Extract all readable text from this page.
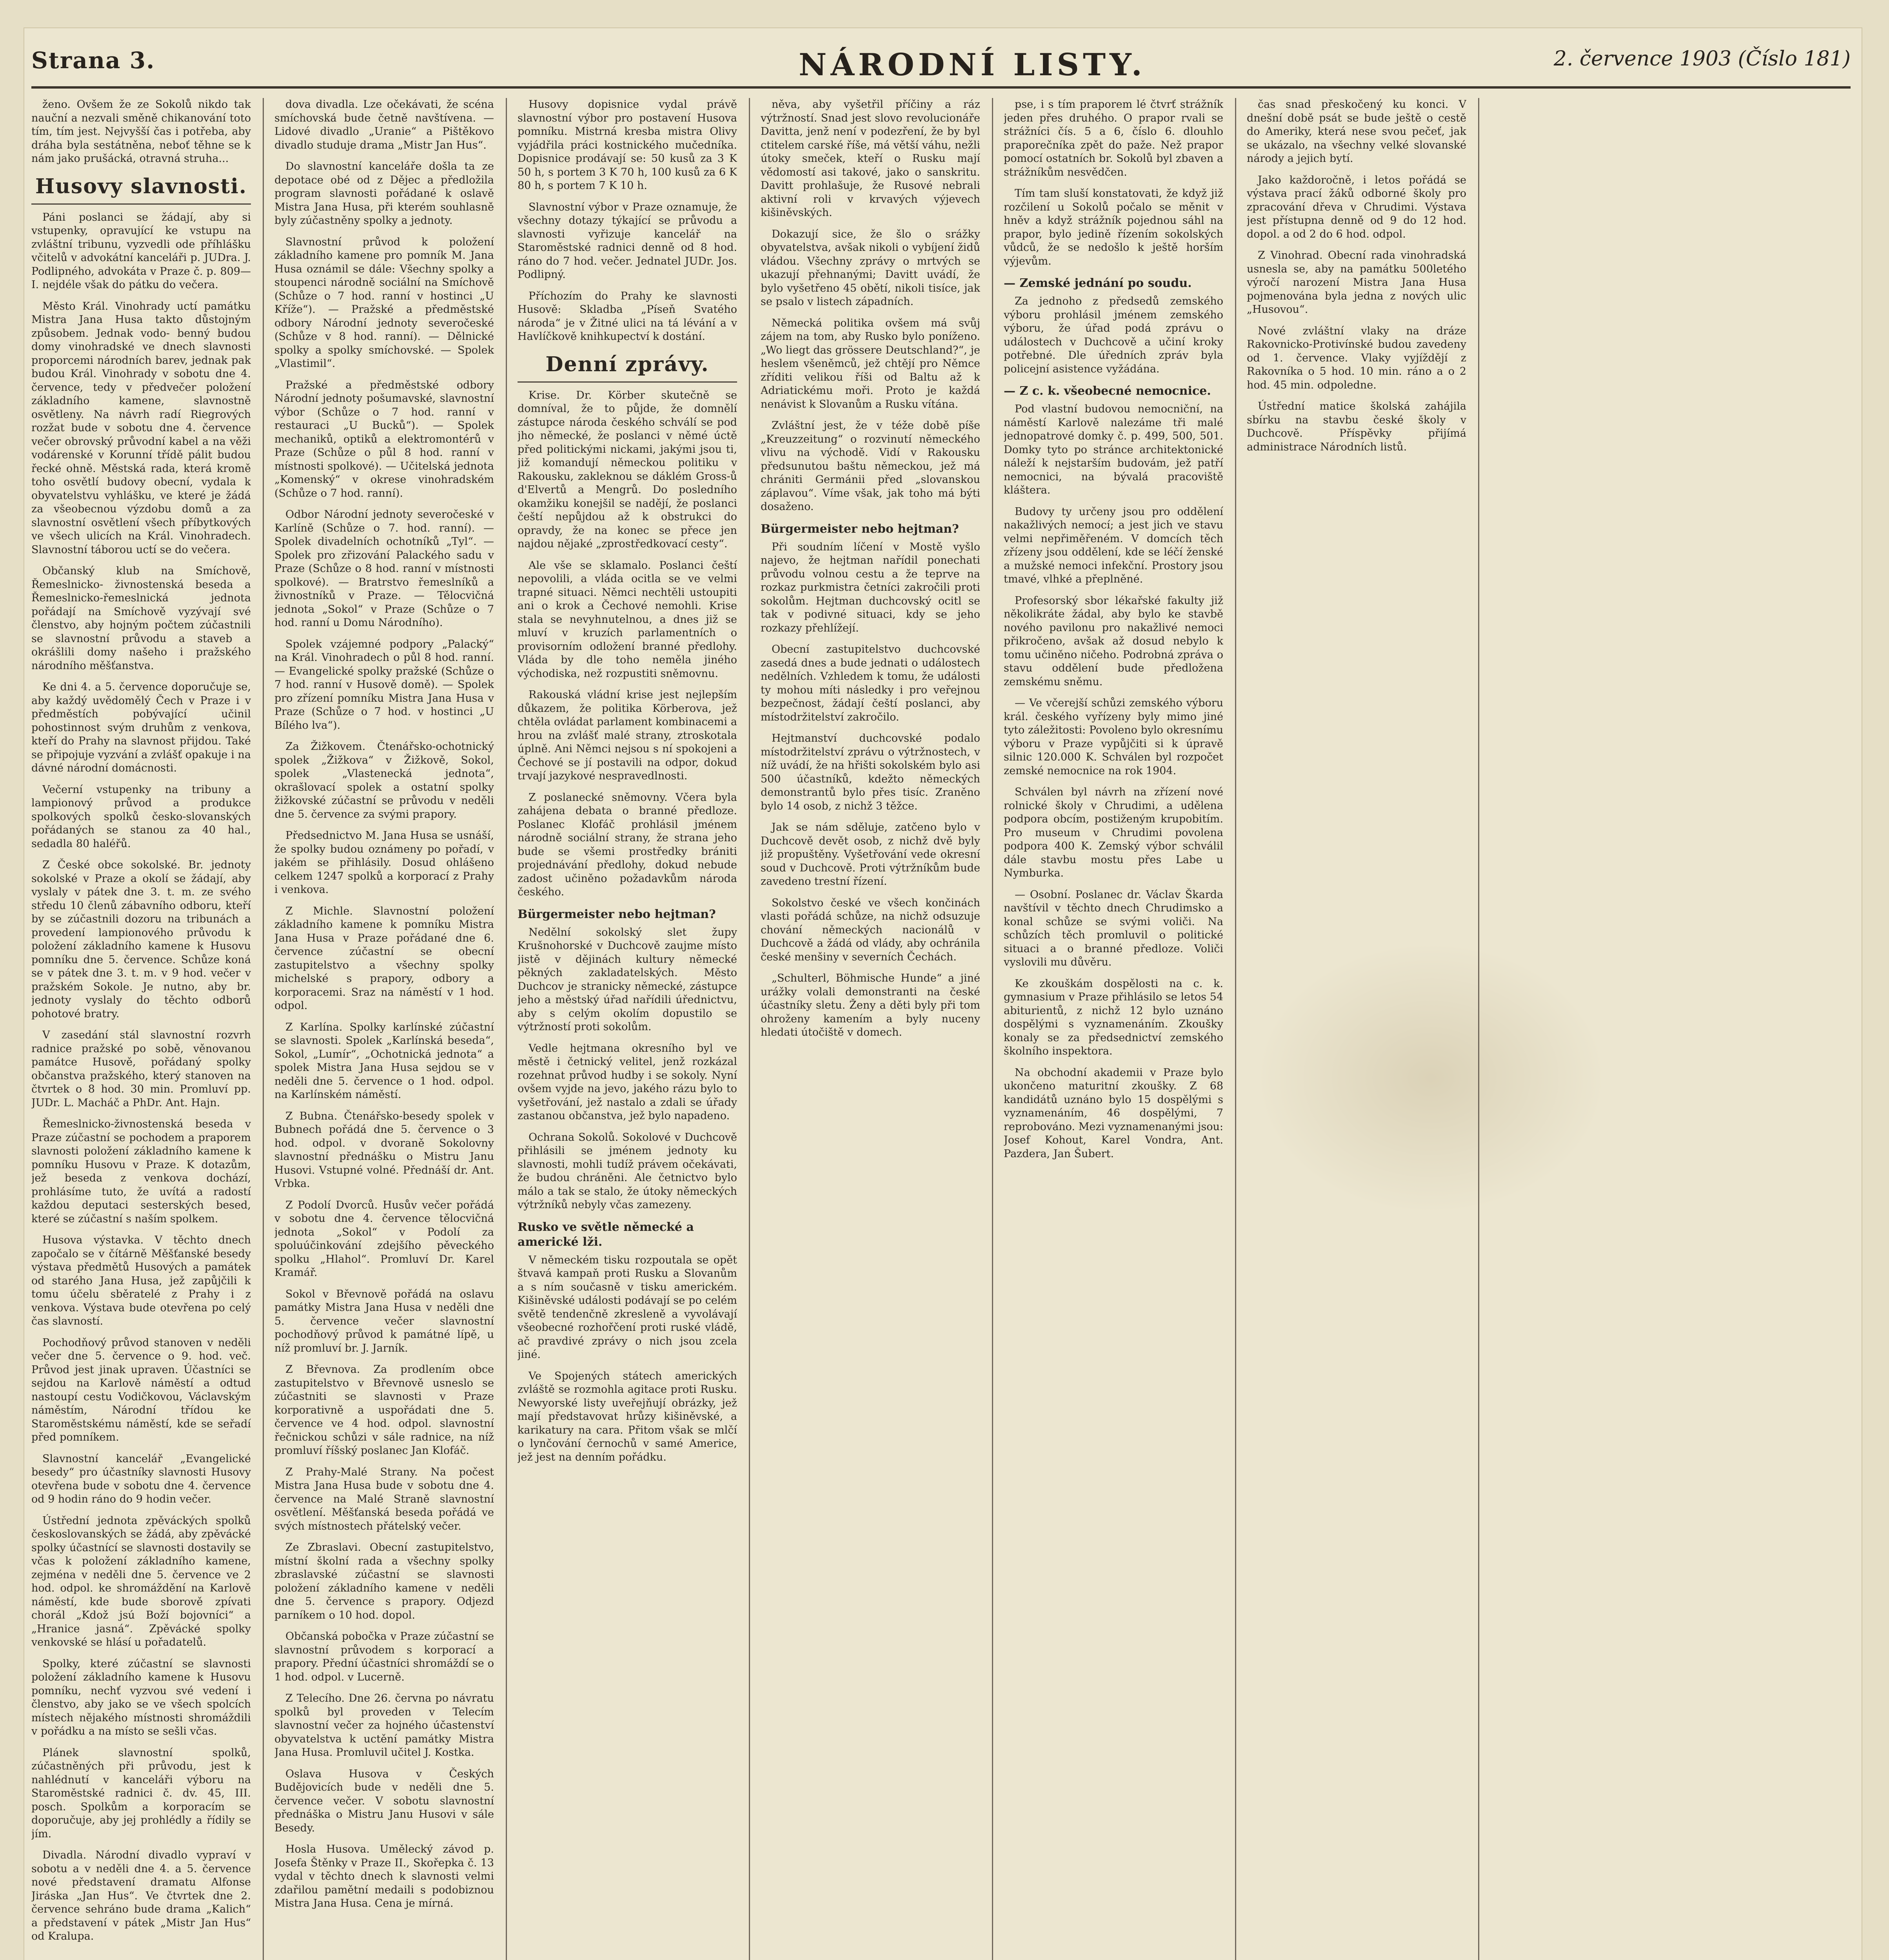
Strana 3.	NÁRODNÍ LISTY.	2. července 1903 (Číslo 181)

ženo. Ovšem že ze Sokolů nikdo tak nauční a nezvali směně chikanování toto tím, tím jest. Nejvyšší čas i potřeba, aby dráha byla sestátněna, neboť těhne se k nám jako prušácká, otravná struha...

Husovy slavnosti.

Páni poslanci se žádají, aby si vstupenky, opravující ke vstupu na zvláštní tribunu, vyzvedli ode příhlášku včitelů v advokátní kanceláři p. JUDra. J. Podlipného, advokáta v Praze č. p. 809—I. nejdéle však do pátku do večera.

Město Král. Vinohrady uctí památku Mistra Jana Husa takto důstojným způsobem. Jednak vodo- benný budou domy vinohradské ve dnech slavnosti proporcemi národních barev, jednak pak budou Král. Vinohrady v sobotu dne 4. července, tedy v předvečer položení základního kamene, slavnostně osvětleny. Na návrh radí Riegrových rozžat bude v sobotu dne 4. července večer obrovský průvodní kabel a na věži vodárenské v Korunní třídě pálit budou řecké ohně. Městská rada, která kromě toho osvětlí budovy obecní, vydala k obyvatelstvu vyhlášku, ve které je žádá za všeobecnou výzdobu domů a za slavnostní osvětlení všech příbytkových ve všech ulicích na Král. Vinohradech. Slavnostní táborou uctí se do večera.

Občanský klub na Smíchově, Řemeslnicko- živnostenská beseda a Řemeslnicko-řemeslnická jednota pořádají na Smíchově vyzývají své členstvo, aby hojným počtem zúčastnili se slavnostní průvodu a staveb a okrášlili domy našeho i pražského národního měšťanstva.

Ke dni 4. a 5. července doporučuje se, aby každý uvědomělý Čech v Praze i v předměstích pobývající učinil pohostinnost svým druhům z venkova, kteří do Prahy na slavnost přijdou. Také se připojuje vyzvání a zvlášť opakuje i na dávné národní domácnosti.

Večerní vstupenky na tribuny a lampionový průvod a produkce spolkových spolků česko-slovanských pořádaných se stanou za 40 hal., sedadla 80 haléřů.

Z České obce sokolské. Br. jednoty sokolské v Praze a okolí se žádají, aby vyslaly v pátek dne 3. t. m. ze svého středu 10 členů zábavního odboru, kteří by se zúčastnili dozoru na tribunách a provedení lampionového průvodu k položení základního kamene k Husovu pomníku dne 5. července. Schůze koná se v pátek dne 3. t. m. v 9 hod. večer v pražském Sokole. Je nutno, aby br. jednoty vyslaly do těchto odborů pohotové bratry.

V zasedání stál slavnostní rozvrh radnice pražské po sobě, věnovanou památce Husově, pořádaný spolky občanstva pražského, který stanoven na čtvrtek o 8 hod. 30 min. Promluví pp. JUDr. L. Macháč a PhDr. Ant. Hajn.

Řemeslnicko-živnostenská beseda v Praze zúčastní se pochodem a praporem slavnosti položení základního kamene k pomníku Husovu v Praze. K dotazům, jež beseda z venkova dochází, prohlásíme tuto, že uvítá a radostí každou deputaci sesterských besed, které se zúčastní s naším spolkem.

Husova výstavka. V těchto dnech započalo se v čítárně Měšťanské besedy výstava předmětů Husových a památek od starého Jana Husa, jež zapůjčili k tomu účelu sběratelé z Prahy i z venkova. Výstava bude otevřena po celý čas slavností.

Pochodňový průvod stanoven v neděli večer dne 5. července o 9. hod. več. Průvod jest jinak upraven. Účastníci se sejdou na Karlově náměstí a odtud nastoupí cestu Vodičkovou, Václavským náměstím, Národní třídou ke Staroměstskému náměstí, kde se seřadí před pomníkem.

Slavnostní kancelář „Evangelické besedy“ pro účastníky slavnosti Husovy otevřena bude v sobotu dne 4. července od 9 hodin ráno do 9 hodin večer.

Ústřední jednota zpěváckých spolků českoslovanských se žádá, aby zpěvácké spolky účastnící se slavnosti dostavily se včas k položení základního kamene, zejména v neděli dne 5. července ve 2 hod. odpol. ke shromáždění na Karlově náměstí, kde bude sborově zpívati chorál „Kdož jsú Boží bojovníci“ a „Hranice jasná“. Zpěvácké spolky venkovské se hlásí u pořadatelů.

Spolky, které zúčastní se slavnosti položení základního kamene k Husovu pomníku, nechť vyzvou své vedení i členstvo, aby jako se ve všech spolcích místech nějakého místnosti shromáždili v pořádku a na místo se sešli včas.

Plánek slavnostní spolků, zúčastněných při průvodu, jest k nahlédnutí v kanceláři výboru na Staroměstské radnici č. dv. 45, III. posch. Spolkům a korporacím se doporučuje, aby jej prohlédly a řídily se jím.

Divadla. Národní divadlo vypraví v sobotu a v neděli dne 4. a 5. července nové představení dramatu Alfonse Jiráska „Jan Hus“. Ve čtvrtek dne 2. července sehráno bude drama „Kalich“ a představení v pátek „Mistr Jan Hus“ od Kralupa.

dova divadla. Lze očekávati, že scéna smíchovská bude četně navštívena. — Lidové divadlo „Uranie“ a Pištěkovo divadlo studuje drama „Mistr Jan Hus“.

Do slavnostní kanceláře došla ta ze depotace obé od z Dějec a předložila program slavnosti pořádané k oslavě Mistra Jana Husa, při kterém souhlasně byly zúčastněny spolky a jednoty.

Slavnostní průvod k položení základního kamene pro pomník M. Jana Husa oznámil se dále: Všechny spolky a stoupenci národně sociální na Smíchově (Schůze o 7 hod. ranní v hostinci „U Kříže“). — Pražské a předměstské odbory Národní jednoty severočeské (Schůze v 8 hod. ranní). — Dělnické spolky a spolky smíchovské. — Spolek „Vlastimil“.

Pražské a předměstské odbory Národní jednoty pošumavské, slavnostní výbor (Schůze o 7 hod. ranní v restauraci „U Bucků“). — Spolek mechaniků, optiků a elektromontérů v Praze (Schůze o půl 8 hod. ranní v místnosti spolkové). — Učitelská jednota „Komenský“ v okrese vinohradském (Schůze o 7 hod. ranní).

Odbor Národní jednoty severočeské v Karlíně (Schůze o 7. hod. ranní). — Spolek divadelních ochotníků „Tyl“. — Spolek pro zřizování Palackého sadu v Praze (Schůze o 8 hod. ranní v místnosti spolkové). — Bratrstvo řemeslníků a živnostníků v Praze. — Tělocvičná jednota „Sokol“ v Praze (Schůze o 7 hod. ranní u Domu Národního).

Spolek vzájemné podpory „Palacký“ na Král. Vinohradech o půl 8 hod. ranní. — Evangelické spolky pražské (Schůze o 7 hod. ranní v Husově domě). — Spolek pro zřízení pomníku Mistra Jana Husa v Praze (Schůze o 7 hod. v hostinci „U Bílého lva“).

Za Žižkovem. Čtenářsko-ochotnický spolek „Žižkova“ v Žižkově, Sokol, spolek „Vlastenecká jednota“, okrašlovací spolek a ostatní spolky žižkovské zúčastní se průvodu v neděli dne 5. července za svými prapory.

Předsednictvo M. Jana Husa se usnáší, že spolky budou oznámeny po pořadí, v jakém se přihlásily. Dosud ohlášeno celkem 1247 spolků a korporací z Prahy i venkova.

Z Michle. Slavnostní položení základního kamene k pomníku Mistra Jana Husa v Praze pořádané dne 6. července zúčastní se obecní zastupitelstvo a všechny spolky michelské s prapory, odbory a korporacemi. Sraz na náměstí v 1 hod. odpol.

Z Karlína. Spolky karlínské zúčastní se slavnosti. Spolek „Karlínská beseda“, Sokol, „Lumír“, „Ochotnická jednota“ a spolek Mistra Jana Husa sejdou se v neděli dne 5. července o 1 hod. odpol. na Karlínském náměstí.

Z Bubna. Čtenářsko-besedy spolek v Bubnech pořádá dne 5. července o 3 hod. odpol. v dvoraně Sokolovny slavnostní přednášku o Mistru Janu Husovi. Vstupné volné. Přednáší dr. Ant. Vrbka.

Z Podolí Dvorců. Husův večer pořádá v sobotu dne 4. července tělocvičná jednota „Sokol“ v Podolí za spoluúčinkování zdejšího pěveckého spolku „Hlahol“. Promluví Dr. Karel Kramář.

Sokol v Břevnově pořádá na oslavu památky Mistra Jana Husa v neděli dne 5. července večer slavnostní pochodňový průvod k památné lípě, u níž promluví br. J. Jarník.

Z Břevnova. Za prodlením obce zastupitelstvo v Břevnově usneslo se zúčastniti se slavnosti v Praze korporativně a uspořádati dne 5. července ve 4 hod. odpol. slavnostní řečnickou schůzi v sále radnice, na níž promluví říšský poslanec Jan Klofáč.

Z Prahy-Malé Strany. Na počest Mistra Jana Husa bude v sobotu dne 4. července na Malé Straně slavnostní osvětlení. Měšťanská beseda pořádá ve svých místnostech přátelský večer.

Ze Zbraslavi. Obecní zastupitelstvo, místní školní rada a všechny spolky zbraslavské zúčastní se slavnosti položení základního kamene v neděli dne 5. července s prapory. Odjezd parníkem o 10 hod. dopol.

Občanská pobočka v Praze zúčastní se slavnostní průvodem s korporací a prapory. Přední účastníci shromáždí se o 1 hod. odpol. v Lucerně.

Z Telecího. Dne 26. června po návratu spolků byl proveden v Telecím slavnostní večer za hojného účastenství obyvatelstva k uctění památky Mistra Jana Husa. Promluvil učitel J. Kostka.

Oslava Husova v Českých Budějovicích bude v neděli dne 5. července večer. V sobotu slavnostní přednáška o Mistru Janu Husovi v sále Besedy.

Hosla Husova. Umělecký závod p. Josefa Štěnky v Praze II., Skořepka č. 13 vydal v těchto dnech k slavnosti velmi zdařilou pamětní medaili s podobiznou Mistra Jana Husa. Cena je mírná.

Husovy dopisnice vydal právě slavnostní výbor pro postavení Husova pomníku. Mistrná kresba mistra Olivy vyjádřila práci kostnického mučedníka. Dopisnice prodávají se: 50 kusů za 3 K 50 h, s portem 3 K 70 h, 100 kusů za 6 K 80 h, s portem 7 K 10 h.

Slavnostní výbor v Praze oznamuje, že všechny dotazy týkající se průvodu a slavnosti vyřizuje kancelář na Staroměstské radnici denně od 8 hod. ráno do 7 hod. večer. Jednatel JUDr. Jos. Podlipný.

Příchozím do Prahy ke slavnosti Husově: Skladba „Píseň Svatého národa“ je v Žitné ulici na tá lévání a v Havlíčkově knihkupectví k dostání.

Denní zprávy.

Krise. Dr. Körber skutečně se domníval, že to půjde, že domnělí zástupce národa českého schválí se pod jho německé, že poslanci v němé úctě před politickými nickami, jakými jsou ti, již komandují německou politiku v Rakousku, zakleknou se dáklém Gross-ů d'Elvertů a Mengrů. Do posledního okamžiku konejšil se nadějí, že poslanci čeští nepůjdou až k obstrukci do opravdy, že na konec se přece jen najdou nějaké „zprostředkovací cesty“.

Ale vše se sklamalo. Poslanci čeští nepovolili, a vláda ocitla se ve velmi trapné situaci. Němci nechtěli ustoupiti ani o krok a Čechové nemohli. Krise stala se nevyhnutelnou, a dnes již se mluví v kruzích parlamentních o provisorním odložení branné předlohy. Vláda by dle toho neměla jiného východiska, než rozpustiti sněmovnu.

Rakouská vládní krise jest nejlepším důkazem, že politika Körberova, jež chtěla ovládat parlament kombinacemi a hrou na zvlášť malé strany, ztroskotala úplně. Ani Němci nejsou s ní spokojeni a Čechové se jí postavili na odpor, dokud trvají jazykové nespravedlnosti.

Z poslanecké sněmovny. Včera byla zahájena debata o branné předloze. Poslanec Klofáč prohlásil jménem národně sociální strany, že strana jeho bude se všemi prostředky brániti projednávání předlohy, dokud nebude zadost učiněno požadavkům národa českého.

Bürgermeister nebo hejtman?

Nedělní sokolský slet župy Krušnohorské v Duchcově zaujme místo jistě v dějinách kultury německé pěkných zakladatelských. Město Duchcov je stranicky německé, zástupce jeho a městský úřad nařídili úřednictvu, aby s celým okolím dopustilo se výtržností proti sokolům.

Vedle hejtmana okresního byl ve městě i četnický velitel, jenž rozkázal rozehnat průvod hudby i se sokoly. Nyní ovšem vyjde na jevo, jakého rázu bylo to vyšetřování, jež nastalo a zdali se úřady zastanou občanstva, jež bylo napadeno.

Ochrana Sokolů. Sokolové v Duchcově přihlásili se jménem jednoty ku slavnosti, mohli tudíž právem očekávati, že budou chráněni. Ale četnictvo bylo málo a tak se stalo, že útoky německých výtržníků nebyly včas zamezeny.

Rusko ve světle německé a americké lži.

V německém tisku rozpoutala se opět štvavá kampaň proti Rusku a Slovanům a s ním současně v tisku americkém. Kišiněvské události podávají se po celém světě tendenčně zkresleně a vyvolávají všeobecné rozhořčení proti ruské vládě, ač pravdivé zprávy o nich jsou zcela jiné.

Ve Spojených státech amerických zvláště se rozmohla agitace proti Rusku. Newyorské listy uveřejňují obrázky, jež mají představovat hrůzy kišiněvské, a karikatury na cara. Přitom však se mlčí o lynčování černochů v samé Americe, jež jest na denním pořádku.

něva, aby vyšetřil příčiny a ráz výtržností. Snad jest slovo revolucionáře Davitta, jenž není v podezření, že by byl ctitelem carské říše, má větší váhu, nežli útoky smeček, kteří o Rusku mají vědomostí asi takové, jako o sanskritu. Davitt prohlašuje, že Rusové nebrali aktivní roli v krvavých výjevech kišiněvských.

Dokazují sice, že šlo o srážky obyvatelstva, avšak nikoli o vybíjení židů vládou. Všechny zprávy o mrtvých se ukazují přehnanými; Davitt uvádí, že bylo vyšetřeno 45 obětí, nikoli tisíce, jak se psalo v listech západních.

Německá politika ovšem má svůj zájem na tom, aby Rusko bylo poníženo. „Wo liegt das grössere Deutschland?“, je heslem všeněmců, jež chtějí pro Němce zříditi velikou říši od Baltu až k Adriatickému moři. Proto je každá nenávist k Slovanům a Rusku vítána.

Zvláštní jest, že v téže době píše „Kreuzzeitung“ o rozvinutí německého vlivu na východě. Vidí v Rakousku předsunutou baštu německou, jež má chrániti Germánii před „slovanskou záplavou“. Víme však, jak toho má býti dosaženo.

Bürgermeister nebo hejtman?

Při soudním líčení v Mostě vyšlo najevo, že hejtman nařídil ponechati průvodu volnou cestu a že teprve na rozkaz purkmistra četníci zakročili proti sokolům. Hejtman duchcovský ocitl se tak v podivné situaci, kdy se jeho rozkazy přehlížejí.

Obecní zastupitelstvo duchcovské zasedá dnes a bude jednati o událostech nedělních. Vzhledem k tomu, že události ty mohou míti následky i pro veřejnou bezpečnost, žádají čeští poslanci, aby místodržitelství zakročilo.

Hejtmanství duchcovské podalo místodržitelství zprávu o výtržnostech, v níž uvádí, že na hřišti sokolském bylo asi 500 účastníků, kdežto německých demonstrantů bylo přes tisíc. Zraněno bylo 14 osob, z nichž 3 těžce.

Jak se nám sděluje, zatčeno bylo v Duchcově devět osob, z nichž dvě byly již propuštěny. Vyšetřování vede okresní soud v Duchcově. Proti výtržníkům bude zavedeno trestní řízení.

Sokolstvo české ve všech končinách vlasti pořádá schůze, na nichž odsuzuje chování německých nacionálů v Duchcově a žádá od vlády, aby ochránila české menšiny v severních Čechách.

„Schulterl, Böhmische Hunde“ a jiné urážky volali demonstranti na české účastníky sletu. Ženy a děti byly při tom ohroženy kamením a byly nuceny hledati útočiště v domech.

pse, i s tím praporem lé čtvrť strážník jeden přes druhého. O prapor rvali se strážníci čís. 5 a 6, číslo 6. dlouhlo praporečníka zpět do paže. Než prapor pomocí ostatních br. Sokolů byl zbaven a strážníkům nesvědčen.

Tím tam sluší konstatovati, že když již rozčilení u Sokolů počalo se měnit v hněv a když strážník pojednou sáhl na prapor, bylo jedině řízením sokolských vůdců, že se nedošlo k ještě horším výjevům.

— Zemské jednání po soudu.

Za jednoho z předsedů zemského výboru prohlásil jménem zemského výboru, že úřad podá zprávu o událostech v Duchcově a učiní kroky potřebné. Dle úředních zpráv byla policejní asistence vyžádána.

— Z c. k. všeobecné nemocnice.

Pod vlastní budovou nemocniční, na náměstí Karlově nalezáme tři malé jednopatrové domky č. p. 499, 500, 501. Domky tyto po stránce architektonické náleží k nejstarším budovám, jež patří nemocnici, na bývalá pracoviště kláštera.

Budovy ty určeny jsou pro oddělení nakažlivých nemocí; a jest jich ve stavu velmi nepřiměřeném. V domcích těch zřízeny jsou oddělení, kde se léčí ženské a mužské nemoci infekční. Prostory jsou tmavé, vlhké a přeplněné.

Profesorský sbor lékařské fakulty již několikráte žádal, aby bylo ke stavbě nového pavilonu pro nakažlivé nemoci přikročeno, avšak až dosud nebylo k tomu učiněno ničeho. Podrobná zpráva o stavu oddělení bude předložena zemskému sněmu.

— Ve včerejší schůzi zemského výboru král. českého vyřízeny byly mimo jiné tyto záležitosti: Povoleno bylo okresnímu výboru v Praze vypůjčiti si k úpravě silnic 120.000 K. Schválen byl rozpočet zemské nemocnice na rok 1904.

Schválen byl návrh na zřízení nové rolnické školy v Chrudimi, a udělena podpora obcím, postiženým krupobitím. Pro museum v Chrudimi povolena podpora 400 K. Zemský výbor schválil dále stavbu mostu přes Labe u Nymburka.

— Osobní. Poslanec dr. Václav Škarda navštívil v těchto dnech Chrudimsko a konal schůze se svými voliči. Na schůzích těch promluvil o politické situaci a o branné předloze. Voliči vyslovili mu důvěru.

Ke zkouškám dospělosti na c. k. gymnasium v Praze přihlásilo se letos 54 abiturientů, z nichž 12 bylo uznáno dospělými s vyznamenáním. Zkoušky konaly se za předsednictví zemského školního inspektora.

Na obchodní akademii v Praze bylo ukončeno maturitní zkoušky. Z 68 kandidátů uznáno bylo 15 dospělými s vyznamenáním, 46 dospělými, 7 reprobováno. Mezi vyznamenanými jsou: Josef Kohout, Karel Vondra, Ant. Pazdera, Jan Šubert.

čas snad přeskočený ku konci. V dnešní době psát se bude ještě o cestě do Ameriky, která nese svou pečeť, jak se ukázalo, na všechny velké slovanské národy a jejich bytí.

Jako každoročně, i letos pořádá se výstava prací žáků odborné školy pro zpracování dřeva v Chrudimi. Výstava jest přístupna denně od 9 do 12 hod. dopol. a od 2 do 6 hod. odpol.

Z Vinohrad. Obecní rada vinohradská usnesla se, aby na památku 500letého výročí narození Mistra Jana Husa pojmenována byla jedna z nových ulic „Husovou“.

Nové zvláštní vlaky na dráze Rakovnicko-Protivínské budou zavedeny od 1. července. Vlaky vyjíždějí z Rakovníka o 5 hod. 10 min. ráno a o 2 hod. 45 min. odpoledne.

Ústřední matice školská zahájila sbírku na stavbu české školy v Duchcově. Příspěvky přijímá administrace Národních listů.
